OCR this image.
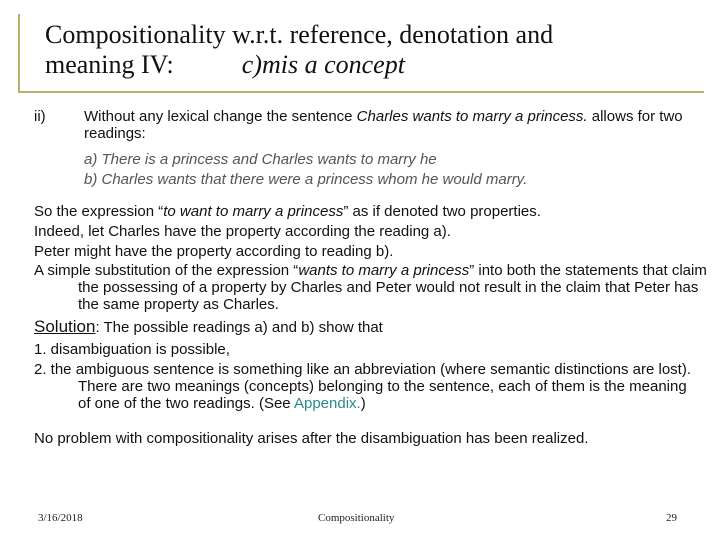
Compositionality w.r.t. reference, denotation and
meaning IV:	c)mis a concept
ii)	Without any lexical change the sentence Charles wants to marry a princess. allows for two readings:
a) There is a princess and Charles wants to marry he
b) Charles wants that there were a princess whom he would marry.
So the expression “to want to marry a princess” as if denoted two properties.
Indeed, let Charles have the property according the reading a).
Peter might have the property according to reading b).
A simple substitution of the expression “wants to marry a princess” into both the statements that claim the possessing of a property by Charles and Peter would not result in the claim that Peter has the same property as Charles.
Solution: The possible readings a) and b) show that
1. disambiguation is possible,
2. the ambiguous sentence is something like an abbreviation (where semantic distinctions are lost). There are two meanings (concepts) belonging to the sentence, each of them is the meaning of one of the two readings. (See Appendix.)
No problem with compositionality arises after the disambiguation has been realized.
3/16/2018	Compositionality	29
